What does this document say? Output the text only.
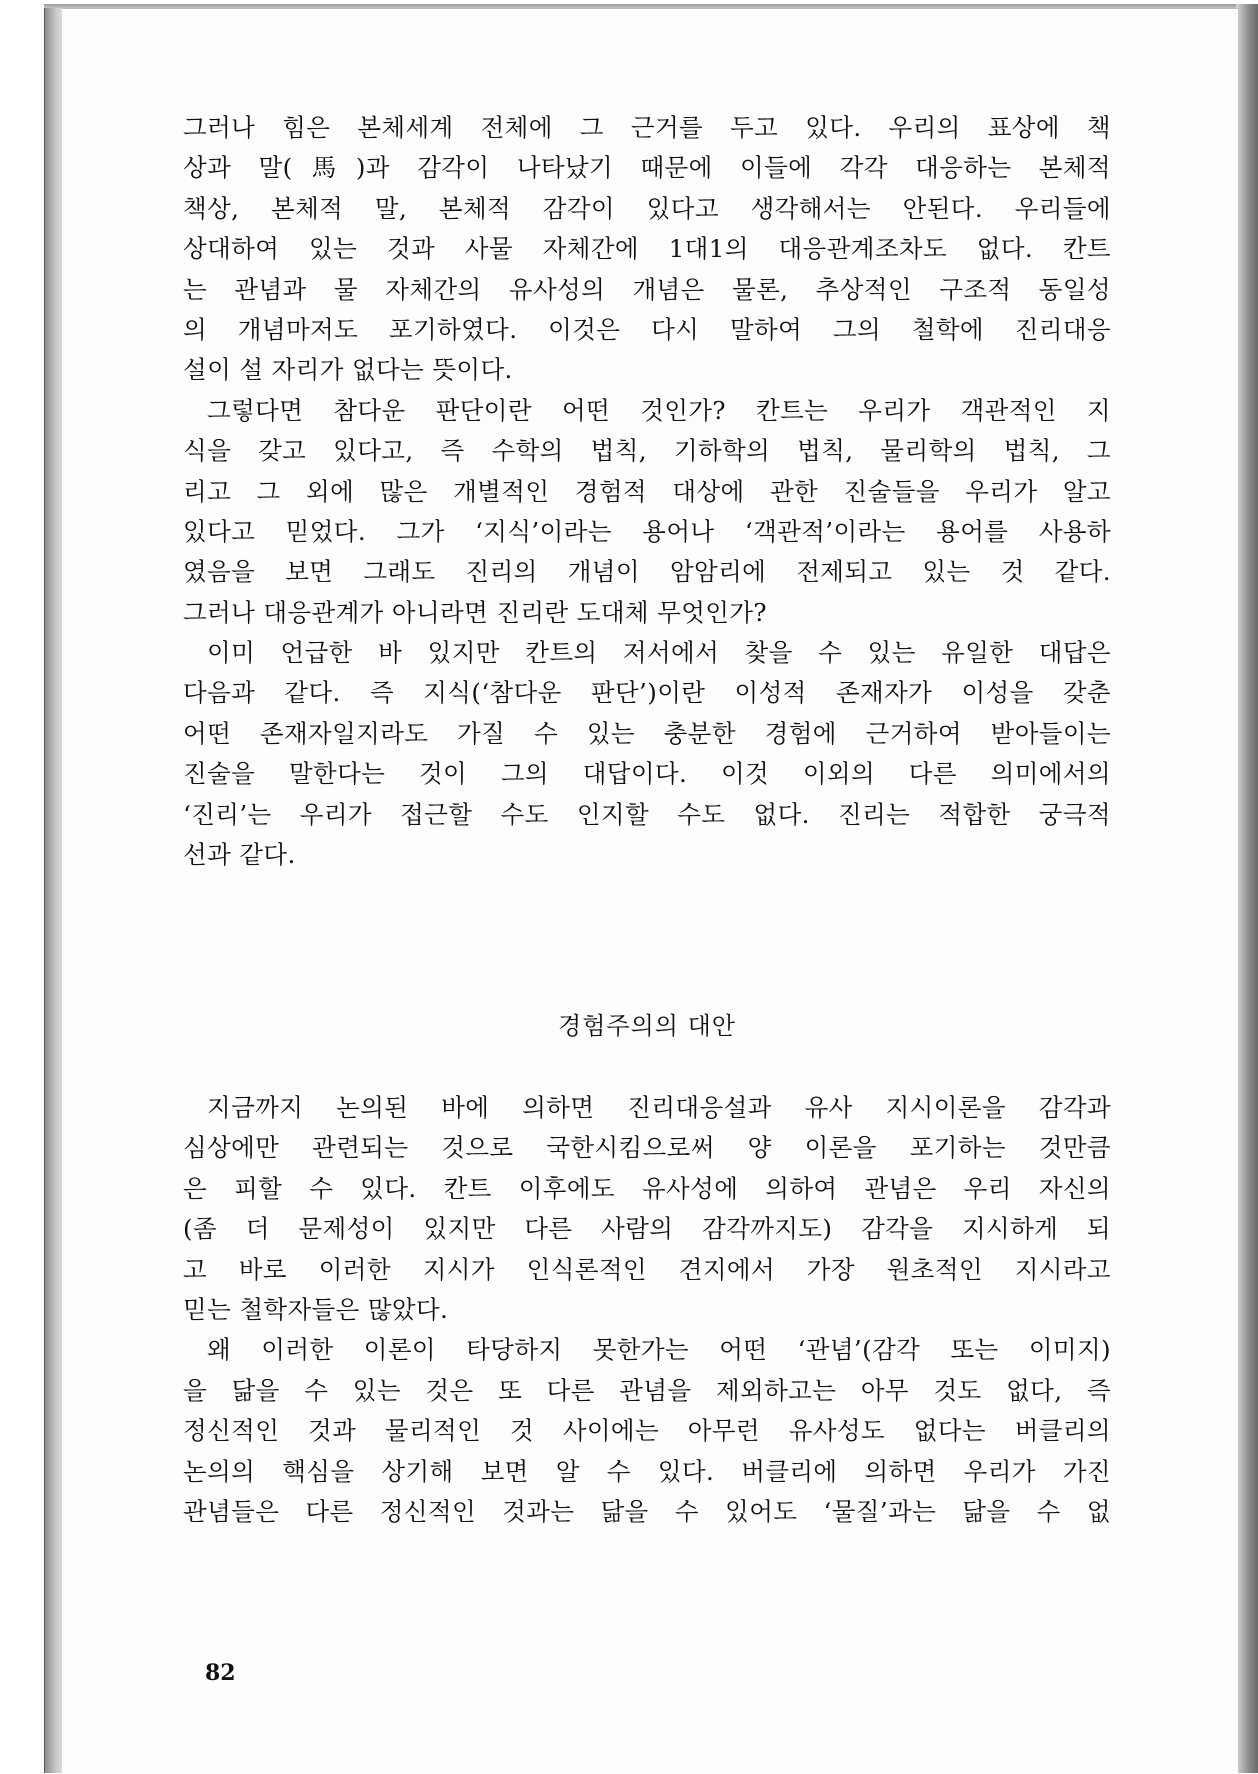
그러나 힘은 본체세계 전체에 그 근거를 두고 있다. 우리의 표상에 책
상과 말(馬)과 감각이 나타났기 때문에 이들에 각각 대응하는 본체적
책상, 본체적 말, 본체적 감각이 있다고 생각해서는 안된다. 우리들에
상대하여 있는 것과 사물 자체간에 1대1의 대응관계조차도 없다. 칸트
는 관념과 물 자체간의 유사성의 개념은 물론, 추상적인 구조적 동일성
의 개념마저도 포기하였다. 이것은 다시 말하여 그의 철학에 진리대응
설이 설 자리가 없다는 뜻이다.
그렇다면 참다운 판단이란 어떤 것인가? 칸트는 우리가 객관적인 지
식을 갖고 있다고, 즉 수학의 법칙, 기하학의 법칙, 물리학의 법칙, 그
리고 그 외에 많은 개별적인 경험적 대상에 관한 진술들을 우리가 알고
있다고 믿었다. 그가 ‘지식’이라는 용어나 ‘객관적’이라는 용어를 사용하
였음을 보면 그래도 진리의 개념이 암암리에 전제되고 있는 것 같다.
그러나 대응관계가 아니라면 진리란 도대체 무엇인가?
이미 언급한 바 있지만 칸트의 저서에서 찾을 수 있는 유일한 대답은
다음과 같다. 즉 지식(‘참다운 판단’)이란 이성적 존재자가 이성을 갖춘
어떤 존재자일지라도 가질 수 있는 충분한 경험에 근거하여 받아들이는
진술을 말한다는 것이 그의 대답이다. 이것 이외의 다른 의미에서의
‘진리’는 우리가 접근할 수도 인지할 수도 없다. 진리는 적합한 궁극적
선과 같다.
경험주의의 대안
지금까지 논의된 바에 의하면 진리대응설과 유사 지시이론을 감각과
심상에만 관련되는 것으로 국한시킴으로써 양 이론을 포기하는 것만큼
은 피할 수 있다. 칸트 이후에도 유사성에 의하여 관념은 우리 자신의
(좀 더 문제성이 있지만 다른 사람의 감각까지도) 감각을 지시하게 되
고 바로 이러한 지시가 인식론적인 견지에서 가장 원초적인 지시라고
믿는 철학자들은 많았다.
왜 이러한 이론이 타당하지 못한가는 어떤 ‘관념’(감각 또는 이미지)
을 닮을 수 있는 것은 또 다른 관념을 제외하고는 아무 것도 없다, 즉
정신적인 것과 물리적인 것 사이에는 아무런 유사성도 없다는 버클리의
논의의 핵심을 상기해 보면 알 수 있다. 버클리에 의하면 우리가 가진
관념들은 다른 정신적인 것과는 닮을 수 있어도 ‘물질’과는 닮을 수 없
82
